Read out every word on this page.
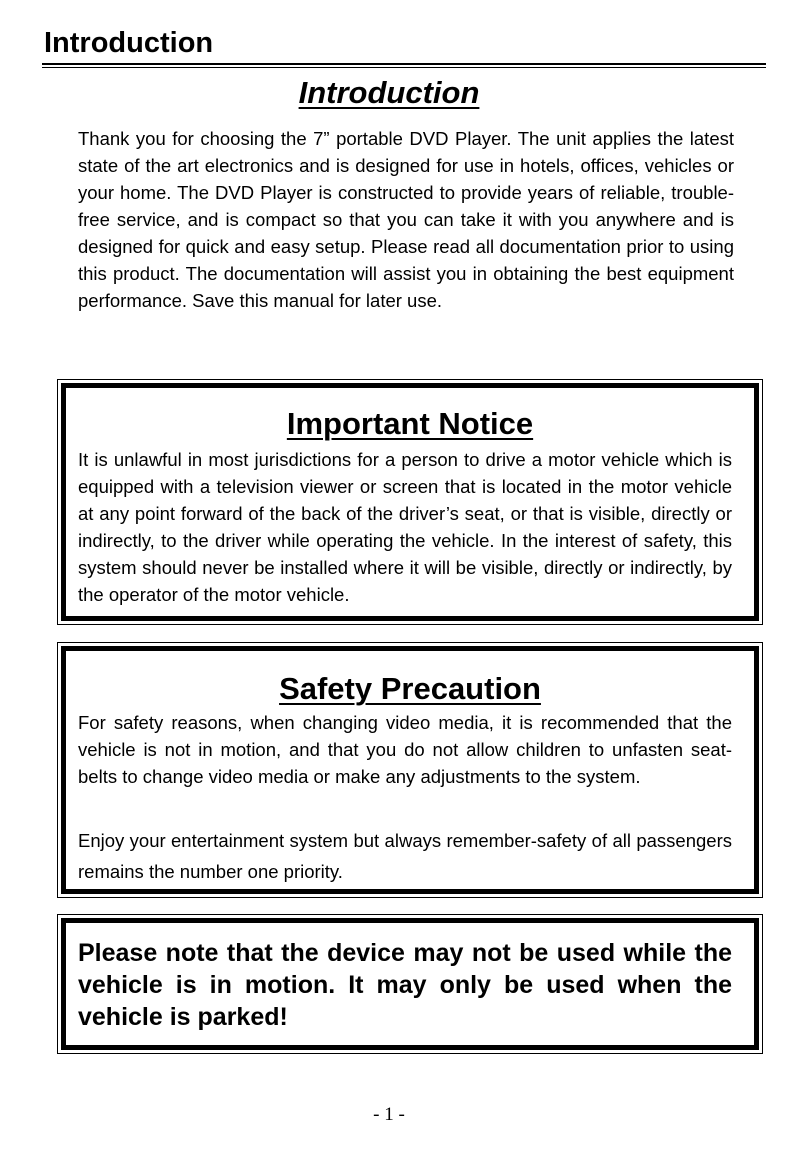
Introduction
Introduction

Thank you for choosing the 7” portable DVD Player. The unit applies the latest state of the art electronics and is designed for use in hotels, offices, vehicles or your home. The DVD Player is constructed to provide years of reliable, trouble-free service, and is compact so that you can take it with you anywhere and is designed for quick and easy setup. Please read all documentation prior to using this product. The documentation will assist you in obtaining the best equipment performance. Save this manual for later use.

Important Notice

It is unlawful in most jurisdictions for a person to drive a motor vehicle which is equipped with a television viewer or screen that is located in the motor vehicle at any point forward of the back of the driver’s seat, or that is visible, directly or indirectly, to the driver while operating the vehicle. In the interest of safety, this system should never be installed where it will be visible, directly or indirectly, by the operator of the motor vehicle.

Safety Precaution

For safety reasons, when changing video media, it is recommended that the vehicle is not in motion, and that you do not allow children to unfasten seat-belts to change video media or make any adjustments to the system.

Enjoy your entertainment system but always remember-safety of all passengers remains the number one priority.

Please note that the device may not be used while the vehicle is in motion. It may only be used when the vehicle is parked!

- 1 -
